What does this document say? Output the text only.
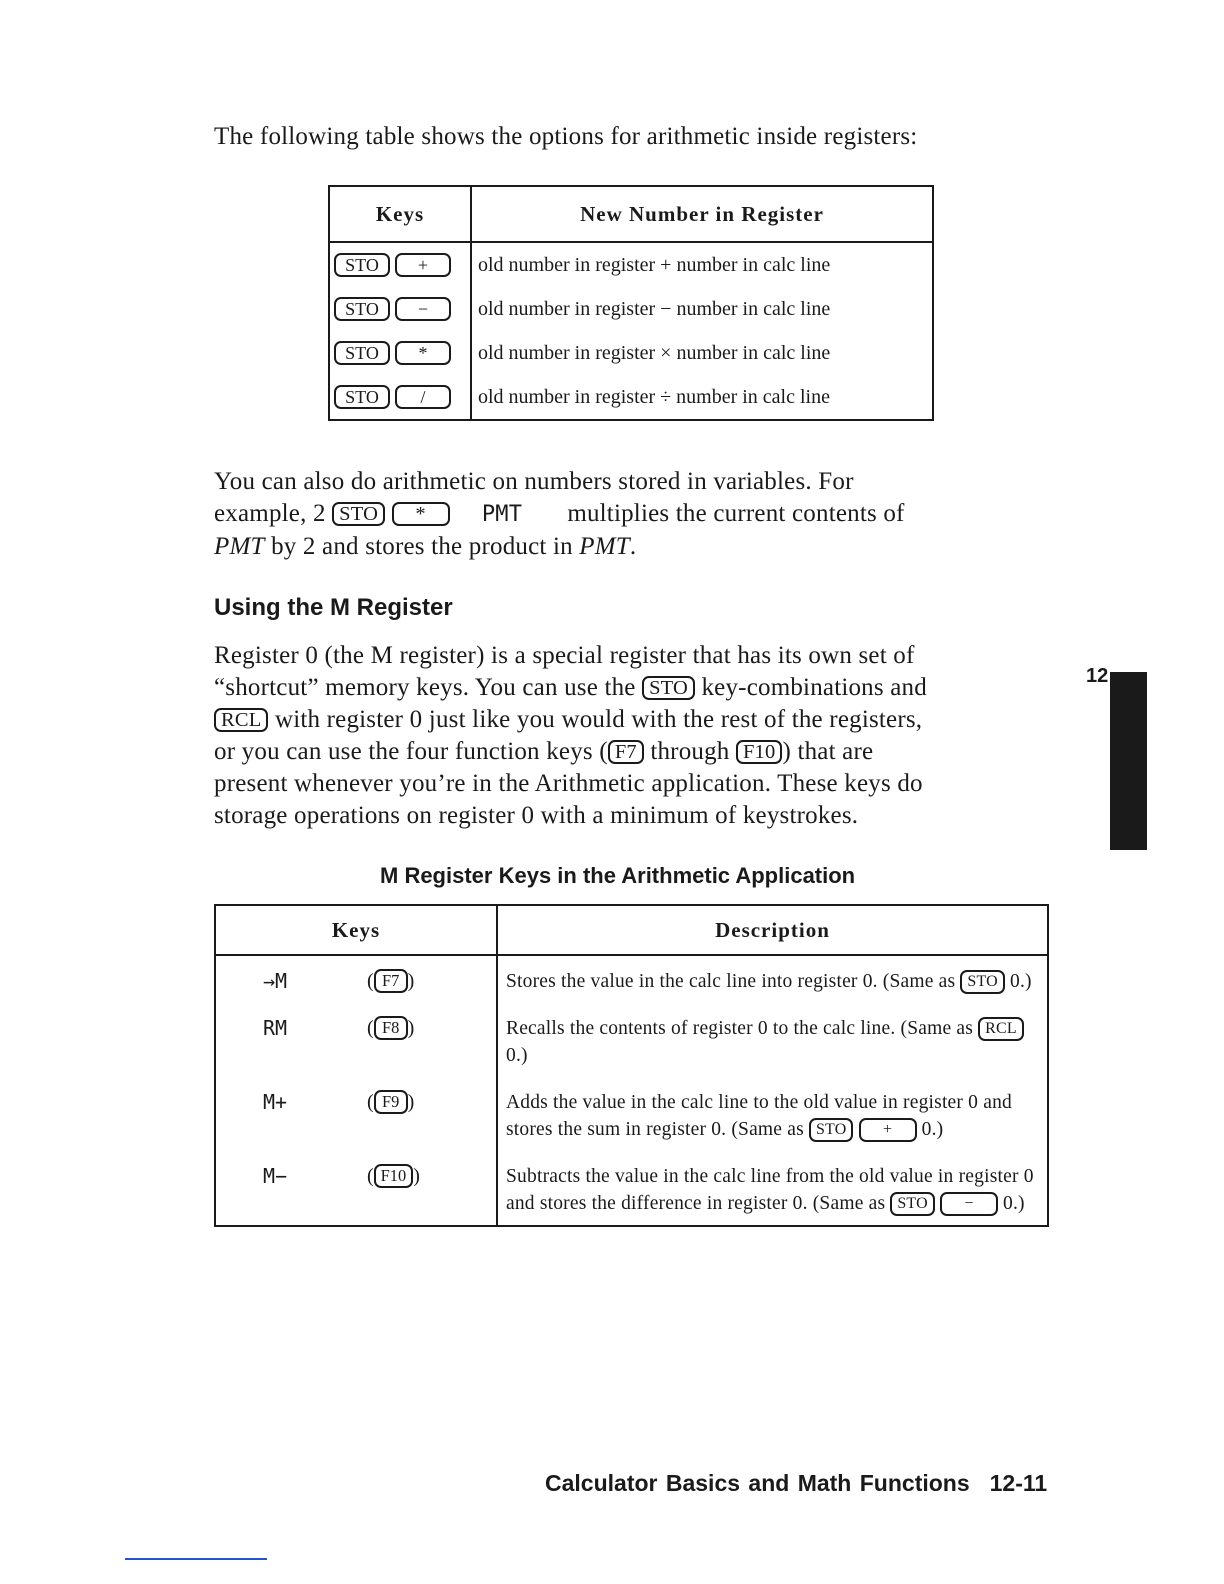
The following table shows the options for arithmetic inside registers:
Keys	New Number in Register
STO +	old number in register + number in calc line
STO −	old number in register − number in calc line
STO *	old number in register × number in calc line
STO /	old number in register ÷ number in calc line
You can also do arithmetic on numbers stored in variables. For
example, 2 STO *	PMT multiplies the current contents of
PMT by 2 and stores the product in PMT.
Using the M Register
Register 0 (the M register) is a special register that has its own set of
“shortcut” memory keys. You can use the STO key-combinations and
RCL with register 0 just like you would with the rest of the registers,
or you can use the four function keys ( F7 through F10 ) that are
present whenever you’re in the Arithmetic application. These keys do
storage operations on register 0 with a minimum of keystrokes.
M Register Keys in the Arithmetic Application
Keys	Description

→M ( F7 )	Stores the value in the calc line into register 0. (Same as STO 0.)

RM ( F8 )	Recalls the contents of register 0 to the calc line. (Same as RCL 0.)

M+ ( F9 )	Adds the value in the calc line to the old value in register 0 and stores the sum in register 0. (Same as STO + 0.)

M− ( F10 )	Subtracts the value in the calc line from the old value in register 0 and stores the difference in register 0. (Same as STO − 0.)
12
Calculator Basics and Math Functions 12-11
